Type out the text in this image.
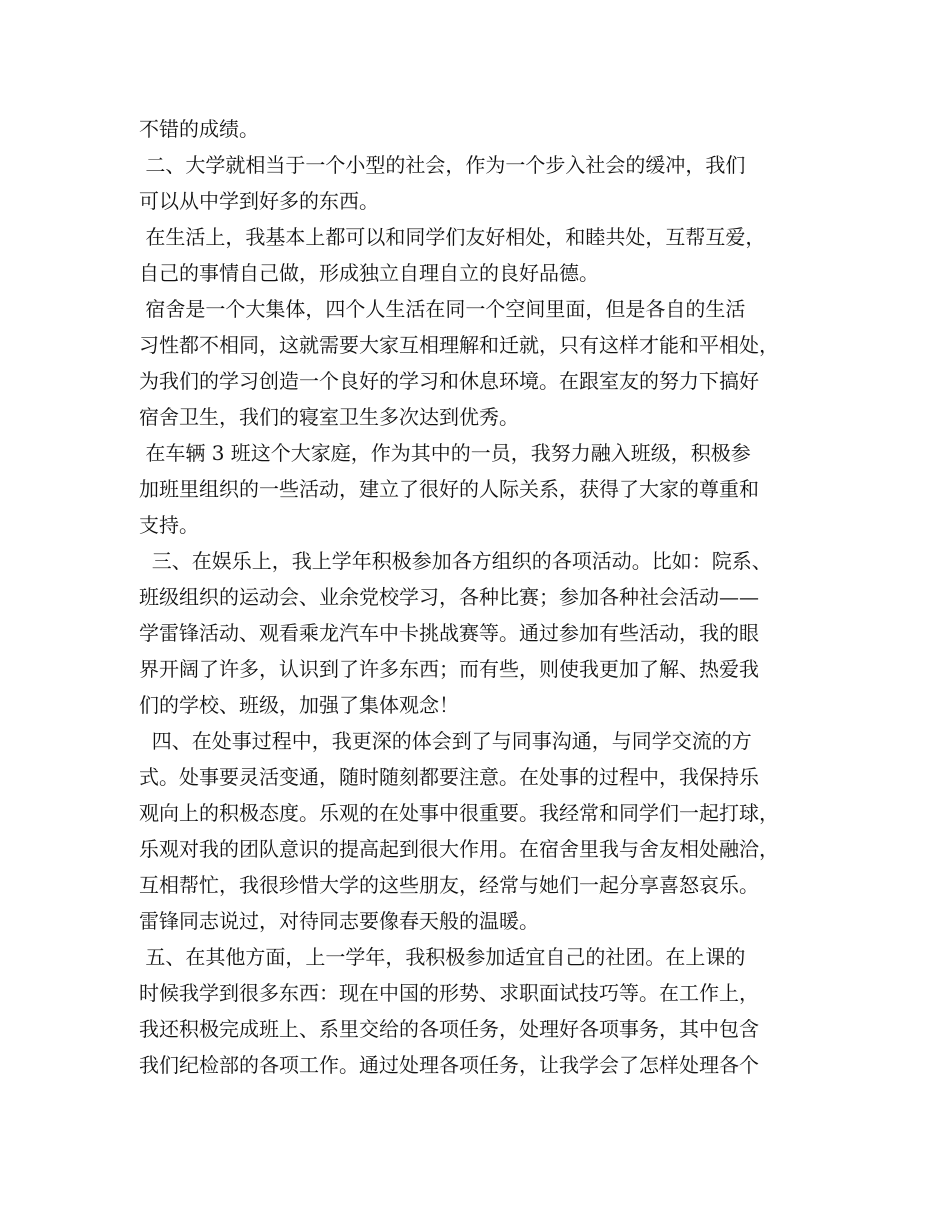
不错的成绩。
二、大学就相当于一个小型的社会，作为一个步入社会的缓冲，我们
可以从中学到好多的东西。
在生活上，我基本上都可以和同学们友好相处，和睦共处，互帮互爱，
自己的事情自己做，形成独立自理自立的良好品德。
宿舍是一个大集体，四个人生活在同一个空间里面，但是各自的生活
习性都不相同，这就需要大家互相理解和迁就，只有这样才能和平相处，
为我们的学习创造一个良好的学习和休息环境。在跟室友的努力下搞好
宿舍卫生，我们的寝室卫生多次达到优秀。
在车辆 3 班这个大家庭，作为其中的一员，我努力融入班级，积极参
加班里组织的一些活动，建立了很好的人际关系，获得了大家的尊重和
支持。
三、在娱乐上，我上学年积极参加各方组织的各项活动。比如：院系、
班级组织的运动会、业余党校学习，各种比赛；参加各种社会活动——
学雷锋活动、观看乘龙汽车中卡挑战赛等。通过参加有些活动，我的眼
界开阔了许多，认识到了许多东西；而有些，则使我更加了解、热爱我
们的学校、班级，加强了集体观念！
四、在处事过程中，我更深的体会到了与同事沟通，与同学交流的方
式。处事要灵活变通，随时随刻都要注意。在处事的过程中，我保持乐
观向上的积极态度。乐观的在处事中很重要。我经常和同学们一起打球，
乐观对我的团队意识的提高起到很大作用。在宿舍里我与舍友相处融洽，
互相帮忙，我很珍惜大学的这些朋友，经常与她们一起分享喜怒哀乐。
雷锋同志说过，对待同志要像春天般的温暖。
五、在其他方面，上一学年，我积极参加适宜自己的社团。在上课的
时候我学到很多东西：现在中国的形势、求职面试技巧等。在工作上，
我还积极完成班上、系里交给的各项任务，处理好各项事务，其中包含
我们纪检部的各项工作。通过处理各项任务，让我学会了怎样处理各个
